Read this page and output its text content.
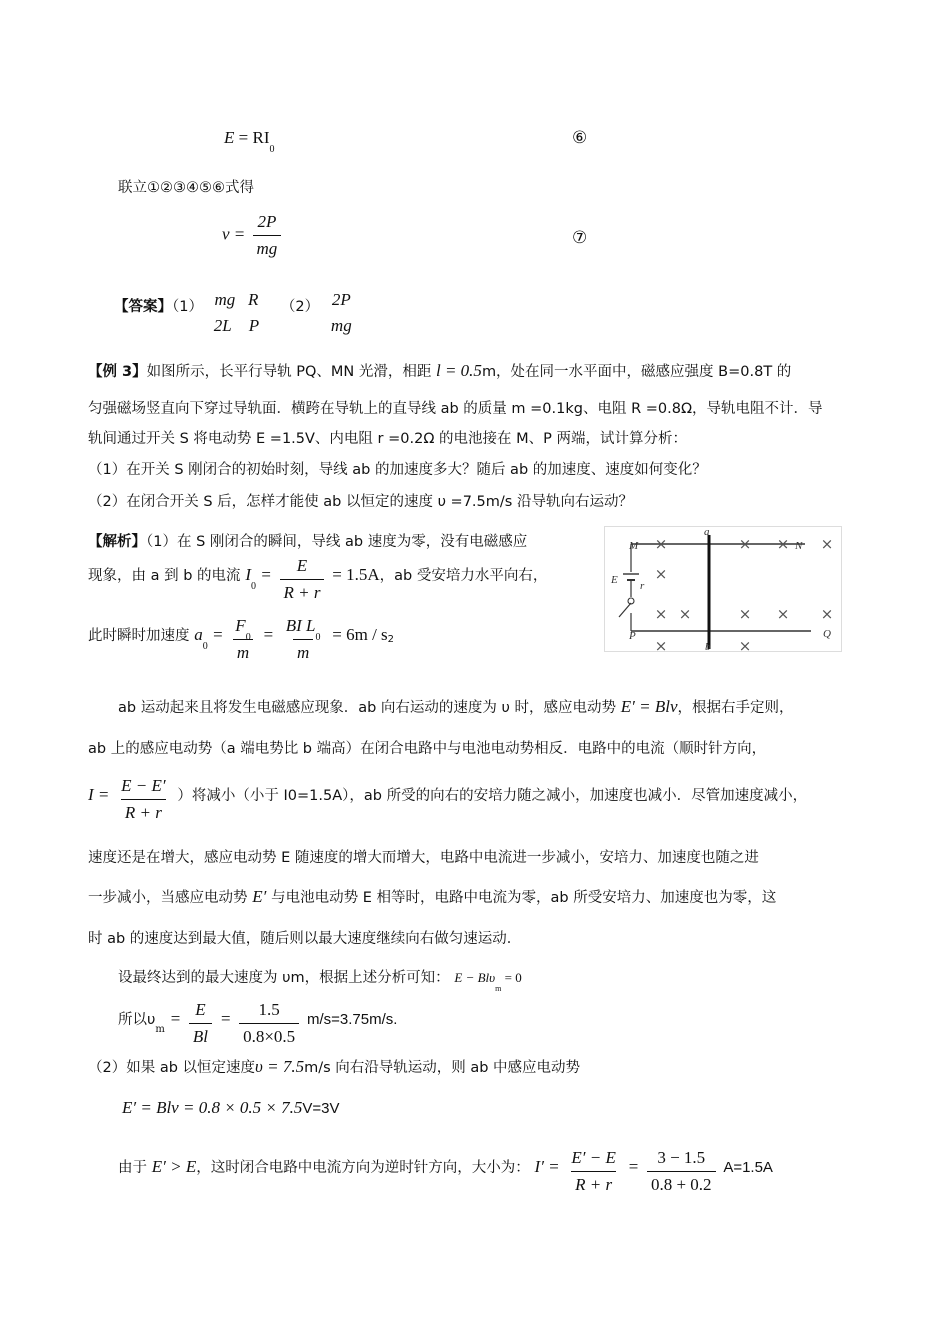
$E = RI_0$
⑥
联立①②③④⑤⑥式得
$v = \frac{2P}{mg}$	⑦
【答案】（1） mg R
2L P
（2） 2P
mg
【例 3】如图所示，长平行导轨 PQ、MN 光滑，相距 l = 0.5m，处在同一水平面中，磁感应强度 B=0.8T 的
匀强磁场竖直向下穿过导轨面．横跨在导轨上的直导线 ab 的质量 m =0.1kg、电阻 R =0.8Ω，导轨电阻不计．导
轨间通过开关 S 将电动势 E =1.5V、内电阻 r =0.2Ω 的电池接在 M、P 两端，试计算分析：
（1）在开关 S 刚闭合的初始时刻，导线 ab 的加速度多大？随后 ab 的加速度、速度如何变化？
（2）在闭合开关 S 后，怎样才能使 ab 以恒定的速度 υ =7.5m/s 沿导轨向右运动？
【解析】（1）在 S 刚闭合的瞬间，导线 ab 速度为零，没有电磁感应
现象，由 a 到 b 的电流 $I_0 = \frac{E}{R + r} = 1.5A$，ab 受安培力水平向右，
此时瞬时加速度 $a_0 = \frac{F_0}{m} = \frac{BI L_0}{m} = 6m / s2$
×	× × ×
×
× ×	× × ×
×	×
M	N
P	Q
a
b
E r
ab 运动起来且将发生电磁感应现象．ab 向右运动的速度为 υ 时，感应电动势 E′ = Blv，根据右手定则，
ab 上的感应电动势（a 端电势比 b 端高）在闭合电路中与电池电动势相反．电路中的电流（顺时针方向，
$I = \frac{E - E'}{R + r}$ ）将减小（小于 I0=1.5A），ab 所受的向右的安培力随之减小，加速度也减小．尽管加速度减小，
速度还是在增大，感应电动势 E 随速度的增大而增大，电路中电流进一步减小，安培力、加速度也随之进
一步减小，当感应电动势 E′ 与电池电动势 E 相等时，电路中电流为零，ab 所受安培力、加速度也为零，这
时 ab 的速度达到最大值，随后则以最大速度继续向右做匀速运动．
设最终达到的最大速度为 υm，根据上述分析可知： E − Blυ$_m$ = 0
所以$\upsilon_m = \frac{E}{Bl} = \frac{1.5}{0.8\times 0.5} m/s=3.75m/s$.
（2）如果 ab 以恒定速度υ = 7.5m/s 向右沿导轨运动，则 ab 中感应电动势
E′ = Blv = 0.8 × 0.5 × 7.5V=3V
由于 E′ > E，这时闭合电路中电流方向为逆时针方向，大小为： $I' = \frac{E' - E}{R + r} = \frac{3 - 1.5}{0.8 + 0.2} A=1.5A$
